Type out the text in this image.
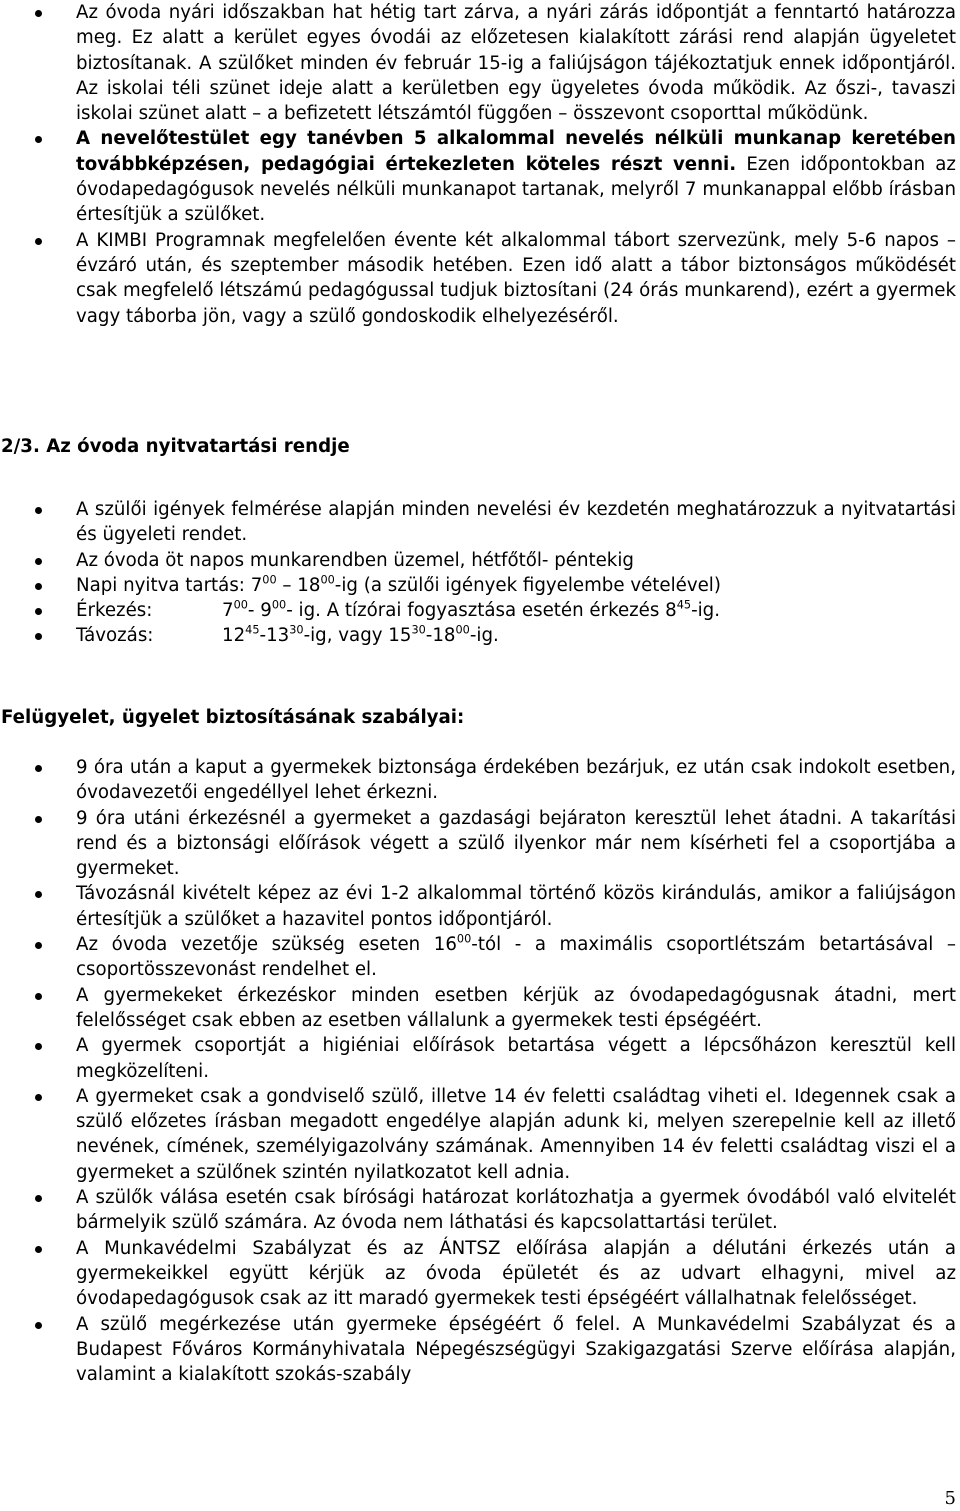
Az óvoda nyári időszakban hat hétig tart zárva, a nyári zárás időpontját a fenntartó határozza meg. Ez alatt a kerület egyes óvodái az előzetesen kialakított zárási rend alapján ügyeletet biztosítanak. A szülőket minden év február 15-ig a faliújságon tájékoztatjuk ennek időpontjáról. Az iskolai téli szünet ideje alatt a kerületben egy ügyeletes óvoda működik. Az őszi-, tavaszi iskolai szünet alatt – a befizetett létszámtól függően – összevont csoporttal működünk.
A nevelőtestület egy tanévben 5 alkalommal nevelés nélküli munkanap keretében továbbképzésen, pedagógiai értekezleten köteles részt venni. Ezen időpontokban az óvodapedagógusok nevelés nélküli munkanapot tartanak, melyről 7 munkanappal előbb írásban értesítjük a szülőket.
A KIMBI Programnak megfelelően évente két alkalommal tábort szervezünk, mely 5-6 napos – évzáró után, és szeptember második hetében. Ezen idő alatt a tábor biztonságos működését csak megfelelő létszámú pedagógussal tudjuk biztosítani (24 órás munkarend), ezért a gyermek vagy táborba jön, vagy a szülő gondoskodik elhelyezéséről.
2/3. Az óvoda nyitvatartási rendje
A szülői igények felmérése alapján minden nevelési év kezdetén meghatározzuk a nyitvatartási és ügyeleti rendet.
Az óvoda öt napos munkarendben üzemel, hétfőtől- péntekig
Napi nyitva tartás: $7^{00} - 18^{00}-ig$ (a szülői igények figyelembe vételével)
Érkezés:	$7^{00}-$ $9^{00}-$ ig. A tízórai fogyasztása esetén érkezés $8^{45}-ig$.
Távozás:	$12^{45}-13^{30}-ig$, vagy $15^{30}-18^{00}-ig$.
Felügyelet, ügyelet biztosításának szabályai:
9 óra után a kaput a gyermekek biztonsága érdekében bezárjuk, ez után csak indokolt esetben, óvodavezetői engedéllyel lehet érkezni.
9 óra utáni érkezésnél a gyermeket a gazdasági bejáraton keresztül lehet átadni. A takarítási rend és a biztonsági előírások végett a szülő ilyenkor már nem kísérheti fel a csoportjába a gyermeket.
Távozásnál kivételt képez az évi 1-2 alkalommal történő közös kirándulás, amikor a faliújságon értesítjük a szülőket a hazavitel pontos időpontjáról.
Az óvoda vezetője szükség eseten $16^{00}$-tól - a maximális csoportlétszám betartásával – csoportösszevonást rendelhet el.
A gyermekeket érkezéskor minden esetben kérjük az óvodapedagógusnak átadni, mert felelősséget csak ebben az esetben vállalunk a gyermekek testi épségéért.
A gyermek csoportját a higiéniai előírások betartása végett a lépcsőházon keresztül kell megközelíteni.
A gyermeket csak a gondviselő szülő, illetve 14 év feletti családtag viheti el. Idegennek csak a szülő előzetes írásban megadott engedélye alapján adunk ki, melyen szerepelnie kell az illető nevének, címének, személyigazolvány számának. Amennyiben 14 év feletti családtag viszi el a gyermeket a szülőnek szintén nyilatkozatot kell adnia.
A szülők válása esetén csak bírósági határozat korlátozhatja a gyermek óvodából való elvitelét bármelyik szülő számára. Az óvoda nem láthatási és kapcsolattartási terület.
A Munkavédelmi Szabályzat és az ÁNTSZ előírása alapján a délutáni érkezés után a gyermekeikkel együtt kérjük az óvoda épületét és az udvart elhagyni, mivel az óvodapedagógusok csak az itt maradó gyermekek testi épségéért vállalhatnak felelősséget.
A szülő megérkezése után gyermeke épségéért ő felel. A Munkavédelmi Szabályzat és a Budapest Főváros Kormányhivatala Népegészségügyi Szakigazgatási Szerve előírása alapján, valamint a kialakított szokás-szabály
5
